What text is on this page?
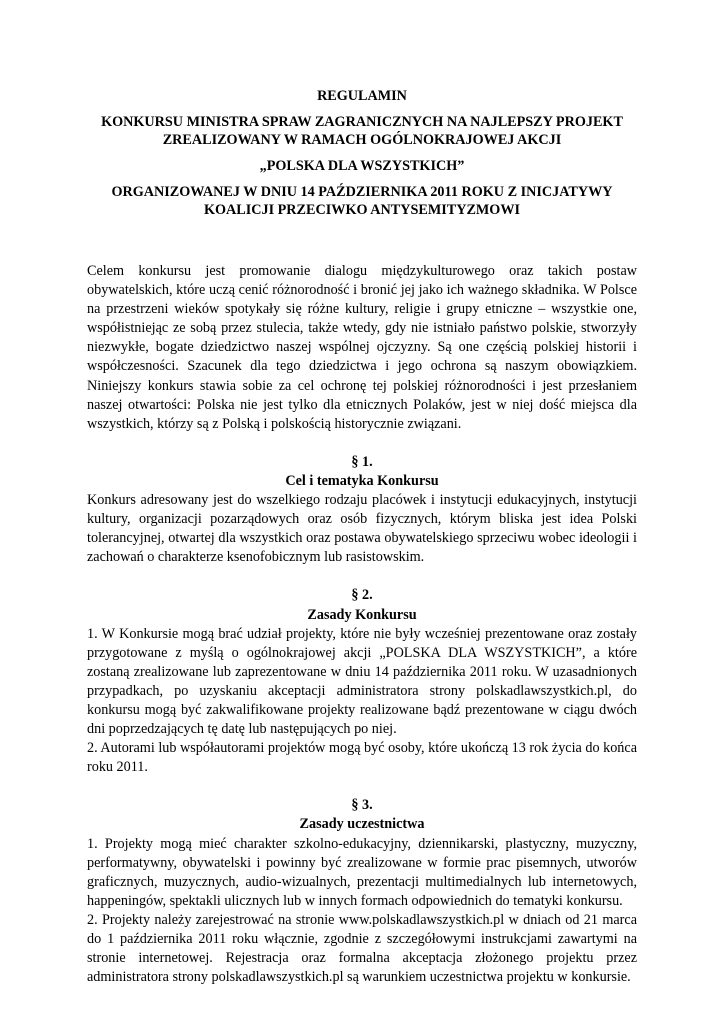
REGULAMIN

KONKURSU MINISTRA SPRAW ZAGRANICZNYCH NA NAJLEPSZY PROJEKT

ZREALIZOWANY W RAMACH OGÓLNOKRAJOWEJ AKCJI

„POLSKA DLA WSZYSTKICH”

ORGANIZOWANEJ W DNIU 14 PAŹDZIERNIKA 2011 ROKU Z INICJATYWY

KOALICJI PRZECIWKO ANTYSEMITYZMOWI

Celem konkursu jest promowanie dialogu międzykulturowego oraz takich postaw obywatelskich, które uczą cenić różnorodność i bronić jej jako ich ważnego składnika. W Polsce na przestrzeni wieków spotykały się różne kultury, religie i grupy etniczne – wszystkie one, współistniejąc ze sobą przez stulecia, także wtedy, gdy nie istniało państwo polskie, stworzyły niezwykłe, bogate dziedzictwo naszej wspólnej ojczyzny. Są one częścią polskiej historii i współczesności. Szacunek dla tego dziedzictwa i jego ochrona są naszym obowiązkiem. Niniejszy konkurs stawia sobie za cel ochronę tej polskiej różnorodności i jest przesłaniem naszej otwartości: Polska nie jest tylko dla etnicznych Polaków, jest w niej dość miejsca dla wszystkich, którzy są z Polską i polskością historycznie związani.

§ 1.

Cel i tematyka Konkursu

Konkurs adresowany jest do wszelkiego rodzaju placówek i instytucji edukacyjnych, instytucji kultury, organizacji pozarządowych oraz osób fizycznych, którym bliska jest idea Polski tolerancyjnej, otwartej dla wszystkich oraz postawa obywatelskiego sprzeciwu wobec ideologii i zachowań o charakterze ksenofobicznym lub rasistowskim.

§ 2.

Zasady Konkursu

1. W Konkursie mogą brać udział projekty, które nie były wcześniej prezentowane oraz zostały przygotowane z myślą o ogólnokrajowej akcji „POLSKA DLA WSZYSTKICH”, a które zostaną zrealizowane lub zaprezentowane w dniu 14 października 2011 roku. W uzasadnionych przypadkach, po uzyskaniu akceptacji administratora strony polskadlawszystkich.pl, do konkursu mogą być zakwalifikowane projekty realizowane bądź prezentowane w ciągu dwóch dni poprzedzających tę datę lub następujących po niej.

2. Autorami lub współautorami projektów mogą być osoby, które ukończą 13 rok życia do końca roku 2011.

§ 3.

Zasady uczestnictwa

1. Projekty mogą mieć charakter szkolno-edukacyjny, dziennikarski, plastyczny, muzyczny, performatywny, obywatelski i powinny być zrealizowane w formie prac pisemnych, utworów graficznych, muzycznych, audio-wizualnych, prezentacji multimedialnych lub internetowych, happeningów, spektakli ulicznych lub w innych formach odpowiednich do tematyki konkursu.

2. Projekty należy zarejestrować na stronie www.polskadlawszystkich.pl w dniach od 21 marca do 1 października 2011 roku włącznie, zgodnie z szczegółowymi instrukcjami zawartymi na stronie internetowej. Rejestracja oraz formalna akceptacja złożonego projektu przez administratora strony polskadlawszystkich.pl są warunkiem uczestnictwa projektu w konkursie.
